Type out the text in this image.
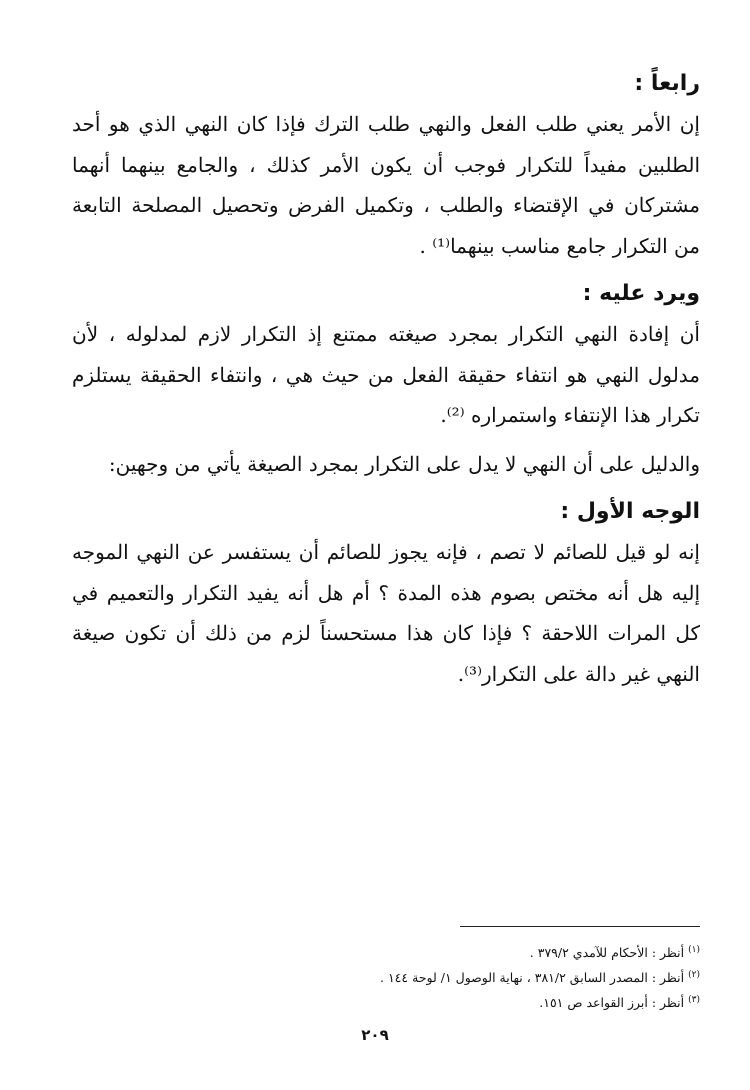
رابعاً :

إن الأمر يعني طلب الفعل والنهي طلب الترك فإذا كان النهي الذي هو أحد الطلبين مفيداً للتكرار فوجب أن يكون الأمر كذلك ، والجامع بينهما أنهما مشتركان في الإقتضاء والطلب ، وتكميل الفرض وتحصيل المصلحة التابعة من التكرار جامع مناسب بينهما⁽¹⁾ .

ويرد عليه :

أن إفادة النهي التكرار بمجرد صيغته ممتنع إذ التكرار لازم لمدلوله ، لأن مدلول النهي هو انتفاء حقيقة الفعل من حيث هي ، وانتفاء الحقيقة يستلزم تكرار هذا الإنتفاء واستمراره ⁽²⁾.

والدليل على أن النهي لا يدل على التكرار بمجرد الصيغة يأتي من وجهين:

الوجه الأول :

إنه لو قيل للصائم لا تصم ، فإنه يجوز للصائم أن يستفسر عن النهي الموجه إليه هل أنه مختص بصوم هذه المدة ؟ أم هل أنه يفيد التكرار والتعميم في كل المرات اللاحقة ؟ فإذا كان هذا مستحسناً لزم من ذلك أن تكون صيغة النهي غير دالة على التكرار⁽³⁾.

$^{(١)}$أنظر : الأحكام للآمدي ٣٧٩/٢ .

$^{(٢)}$أنظر : المصدر السابق ٣٨١/٢ ، نهاية الوصول ١/ لوحة ١٤٤ .

$^{(٣)}$أنظر : أبرز القواعد ص ١٥١.

٢٠٩
